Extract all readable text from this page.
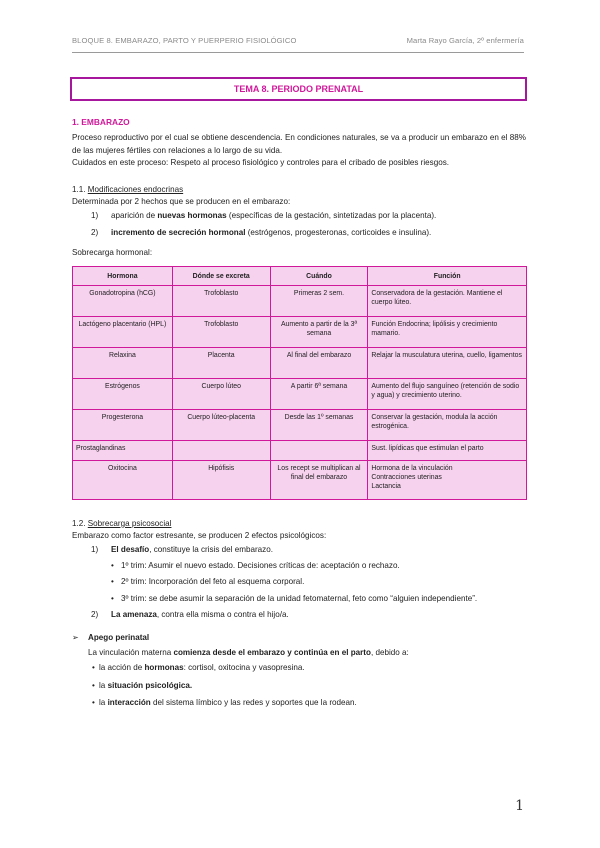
BLOQUE 8. EMBARAZO, PARTO Y PUERPERIO FISIOLÓGICO	Marta Rayo García, 2º enfermería
TEMA 8. PERIODO PRENATAL
1. EMBARAZO

Proceso reproductivo por el cual se obtiene descendencia. En condiciones naturales, se va a producir un embarazo en el 88% de las mujeres fértiles con relaciones a lo largo de su vida.

Cuidados en este proceso: Respeto al proceso fisiológico y controles para el cribado de posibles riesgos.

1.1. Modificaciones endocrinas

Determinada por 2 hechos que se producen en el embarazo:

1) aparición de nuevas hormonas (específicas de la gestación, sintetizadas por la placenta).
2) incremento de secreción hormonal (estrógenos, progesteronas, corticoides e insulina).

Sobrecarga hormonal:

Hormona	Dónde se excreta	Cuándo	Función
Gonadotropina (hCG)	Trofoblasto	Primeras 2 sem.	Conservadora de la gestación. Mantiene el cuerpo lúteo.
Lactógeno placentario (HPL)	Trofoblasto	Aumento a partir de la 3ª semana	Función Endocrina; lipólisis y crecimiento mamario.
Relaxina	Placenta	Al final del embarazo	Relajar la musculatura uterina, cuello, ligamentos
Estrógenos	Cuerpo lúteo	A partir 6ª semana	Aumento del flujo sanguíneo (retención de sodio y agua) y crecimiento uterino.
Progesterona	Cuerpo lúteo-placenta	Desde las 1º semanas	Conservar la gestación, modula la acción estrogénica.
Prostaglandinas			Sust. lipídicas que estimulan el parto
Oxitocina	Hipófisis	Los recept se multiplican al final del embarazo	Hormona de la vinculación
Contracciones uterinas
Lactancia
1.2. Sobrecarga psicosocial

Embarazo como factor estresante, se producen 2 efectos psicológicos:

1) El desafío, constituye la crisis del embarazo.
• 1º trim: Asumir el nuevo estado. Decisiones críticas de: aceptación o rechazo.
• 2º trim: Incorporación del feto al esquema corporal.
• 3º trim: se debe asumir la separación de la unidad fetomaternal, feto como “alguien independiente”.
2) La amenaza, contra ella misma o contra el hijo/a.
➢ Apego perinatal

La vinculación materna comienza desde el embarazo y continúa en el parto, debido a:

• la acción de hormonas: cortisol, oxitocina y vasopresina.
• la situación psicológica.
• la interacción del sistema límbico y las redes y soportes que la rodean.
1
